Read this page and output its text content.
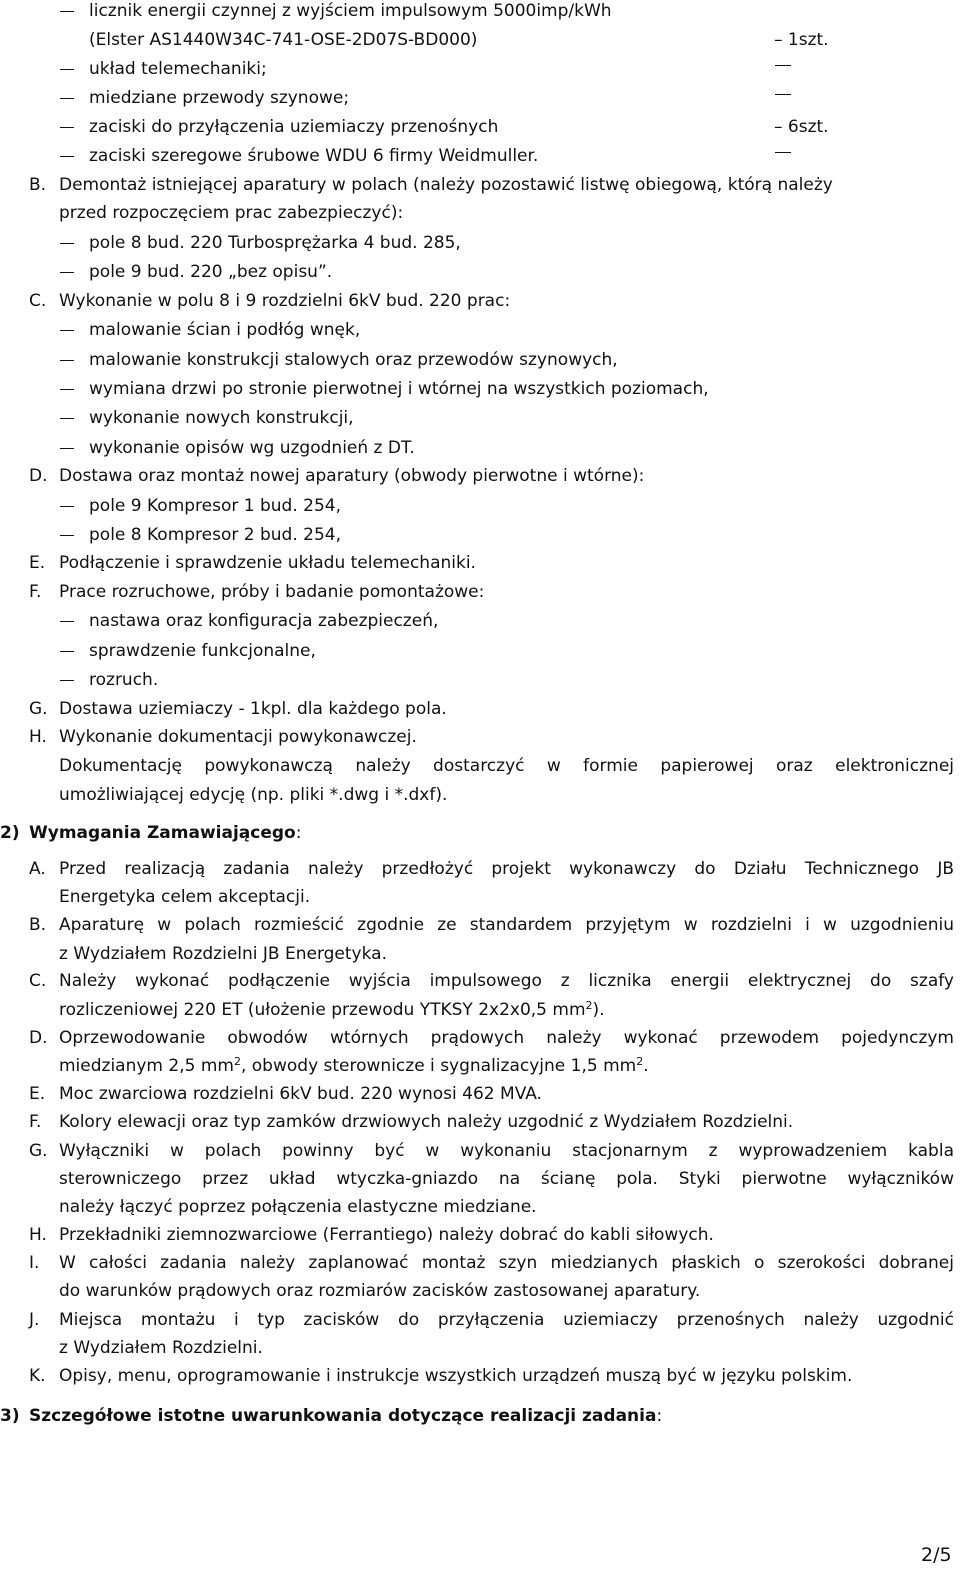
licznik energii czynnej z wyjściem impulsowym 5000imp/kWh
(Elster AS1440W34C-741-OSE-2D07S-BD000)	– 1szt.
układ telemechaniki;
miedziane przewody szynowe;
zaciski do przyłączenia uziemiaczy przenośnych	– 6szt.
zaciski szeregowe śrubowe WDU 6 firmy Weidmuller.
B. Demontaż istniejącej aparatury w polach (należy pozostawić listwę obiegową, którą należy
przed rozpoczęciem prac zabezpieczyć):
pole 8 bud. 220 Turbosprężarka 4 bud. 285,
pole 9 bud. 220 „bez opisu”.
C. Wykonanie w polu 8 i 9 rozdzielni 6kV bud. 220 prac:
malowanie ścian i podłóg wnęk,
malowanie konstrukcji stalowych oraz przewodów szynowych,
wymiana drzwi po stronie pierwotnej i wtórnej na wszystkich poziomach,
wykonanie nowych konstrukcji,
wykonanie opisów wg uzgodnień z DT.
D. Dostawa oraz montaż nowej aparatury (obwody pierwotne i wtórne):
pole 9 Kompresor 1 bud. 254,
pole 8 Kompresor 2 bud. 254,
E. Podłączenie i sprawdzenie układu telemechaniki.
F. Prace rozruchowe, próby i badanie pomontażowe:
nastawa oraz konfiguracja zabezpieczeń,
sprawdzenie funkcjonalne,
rozruch.
G. Dostawa uziemiaczy - 1kpl. dla każdego pola.
H. Wykonanie dokumentacji powykonawczej.
Dokumentację powykonawczą należy dostarczyć w formie papierowej oraz elektronicznej
umożliwiającej edycję (np. pliki *.dwg i *.dxf).
2) Wymagania Zamawiającego:
A. Przed realizacją zadania należy przedłożyć projekt wykonawczy do Działu Technicznego JB
Energetyka celem akceptacji.
B. Aparaturę w polach rozmieścić zgodnie ze standardem przyjętym w rozdzielni i w uzgodnieniu
z Wydziałem Rozdzielni JB Energetyka.
C. Należy wykonać podłączenie wyjścia impulsowego z licznika energii elektrycznej do szafy
rozliczeniowej 220 ET (ułożenie przewodu YTKSY 2x2x0,5 $mm^2$).
D. Oprzewodowanie obwodów wtórnych prądowych należy wykonać przewodem pojedynczym
miedzianym 2,5 $mm^2$, obwody sterownicze i sygnalizacyjne 1,5 $mm^2$.
E. Moc zwarciowa rozdzielni 6kV bud. 220 wynosi 462 MVA.
F. Kolory elewacji oraz typ zamków drzwiowych należy uzgodnić z Wydziałem Rozdzielni.
G. Wyłączniki w polach powinny być w wykonaniu stacjonarnym z wyprowadzeniem kabla
sterowniczego przez układ wtyczka-gniazdo na ścianę pola. Styki pierwotne wyłączników
należy łączyć poprzez połączenia elastyczne miedziane.
H. Przekładniki ziemnozwarciowe (Ferrantiego) należy dobrać do kabli siłowych.
I. W całości zadania należy zaplanować montaż szyn miedzianych płaskich o szerokości dobranej
do warunków prądowych oraz rozmiarów zacisków zastosowanej aparatury.
J. Miejsca montażu i typ zacisków do przyłączenia uziemiaczy przenośnych należy uzgodnić
z Wydziałem Rozdzielni.
K. Opisy, menu, oprogramowanie i instrukcje wszystkich urządzeń muszą być w języku polskim.
3) Szczegółowe istotne uwarunkowania dotyczące realizacji zadania:
2/5
